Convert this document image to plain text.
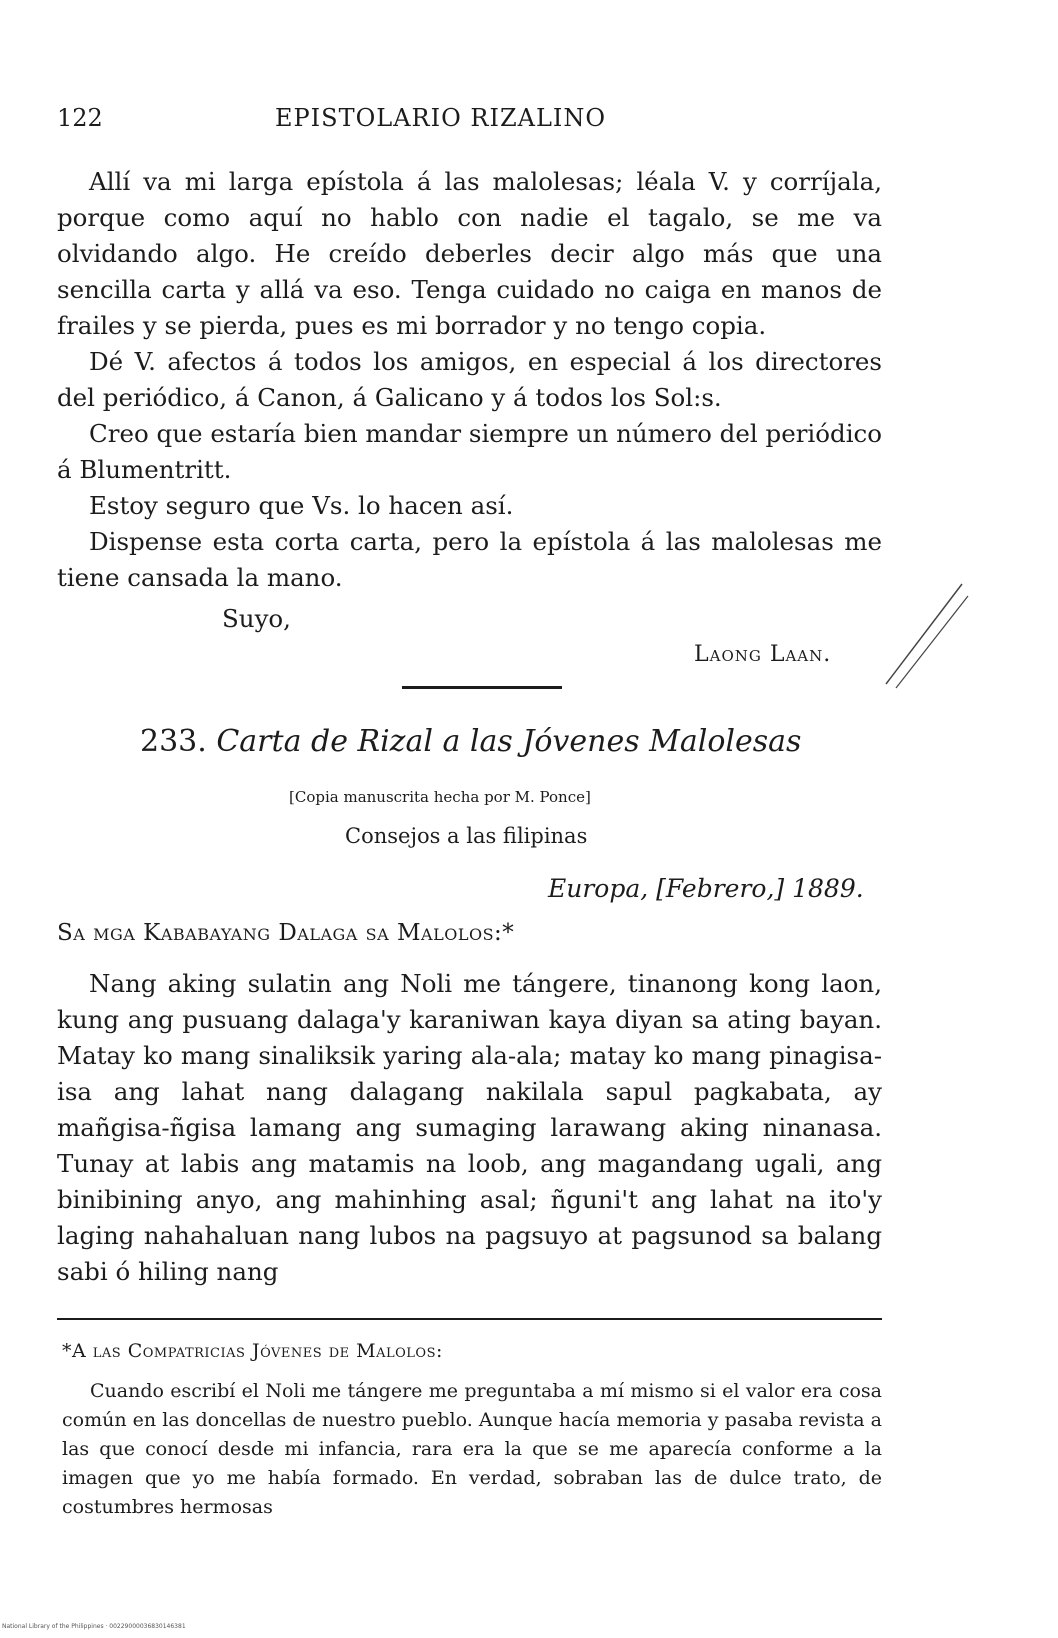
122	EPISTOLARIO RIZALINO

Allí va mi larga epístola á las malolesas; léala V. y corríjala, porque como aquí no hablo con nadie el tagalo, se me va olvidando algo. He creído deberles decir algo más que una sencilla carta y allá va eso. Tenga cuidado no caiga en manos de frailes y se pierda, pues es mi borrador y no tengo copia.

Dé V. afectos á todos los amigos, en especial á los directores del periódico, á Canon, á Galicano y á todos los Sol:s.

Creo que estaría bien mandar siempre un número del periódico á Blumentritt.

Estoy seguro que Vs. lo hacen así.

Dispense esta corta carta, pero la epístola á las malolesas me tiene cansada la mano.

Suyo,
Laong Laan.
233. Carta de Rizal a las Jóvenes Malolesas
[Copia manuscrita hecha por M. Ponce]
Consejos a las filipinas
Europa, [Febrero,] 1889.
Sa mga Kababayang Dalaga sa Malolos:*

Nang aking sulatin ang Noli me tángere, tinanong kong laon, kung ang pusuang dalaga'y karaniwan kaya diyan sa ating bayan. Matay ko mang sinaliksik yaring ala-ala; matay ko mang pinagisa-isa ang lahat nang dalagang nakilala sapul pagkabata, ay mañgisa-ñgisa lamang ang sumaging larawang aking ninanasa. Tunay at labis ang matamis na loob, ang magandang ugali, ang binibining anyo, ang mahinhing asal; ñguni't ang lahat na ito'y laging nahahaluan nang lubos na pagsuyo at pagsunod sa balang sabi ó hiling nang

*A las Compatricias Jóvenes de Malolos:

Cuando escribí el Noli me tángere me preguntaba a mí mismo si el valor era cosa común en las doncellas de nuestro pueblo. Aunque hacía memoria y pasaba revista a las que conocí desde mi infancia, rara era la que se me aparecía conforme a la imagen que yo me había formado. En verdad, sobraban las de dulce trato, de costumbres hermosas

National Library of the Philippines · 00229000036830146381
